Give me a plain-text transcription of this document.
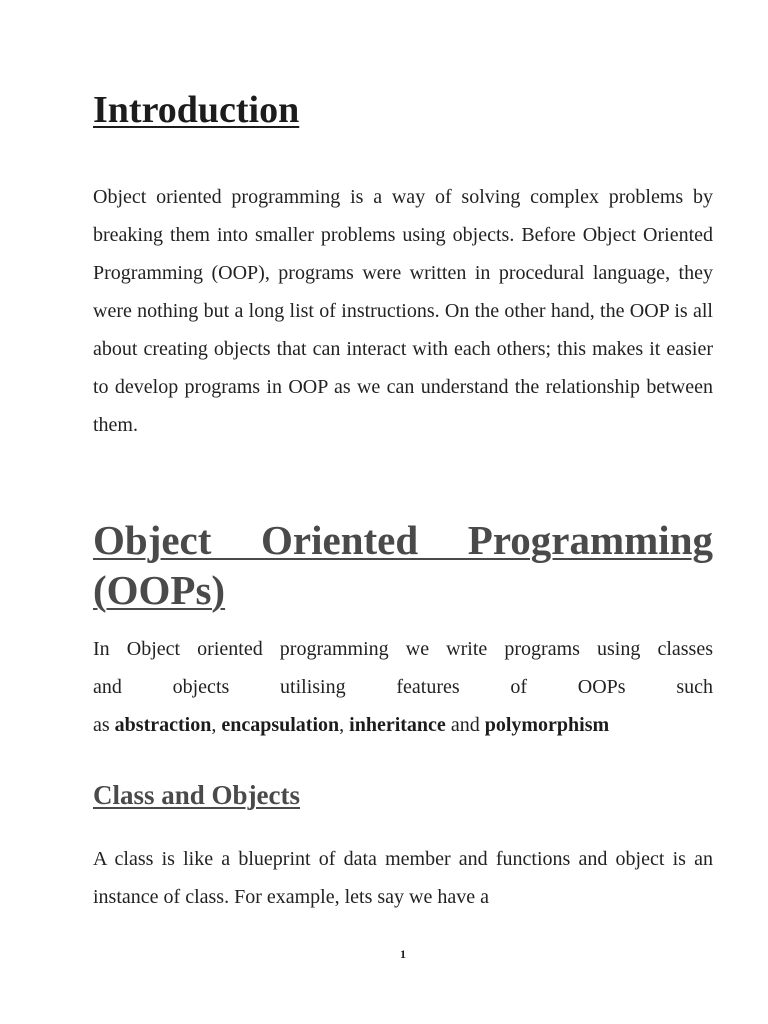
Introduction

Object oriented programming is a way of solving complex problems by breaking them into smaller problems using objects. Before Object Oriented Programming (OOP), programs were written in procedural language, they were nothing but a long list of instructions. On the other hand, the OOP is all about creating objects that can interact with each others; this makes it easier to develop programs in OOP as we can understand the relationship between them.

Object Oriented Programming (OOPs)

In Object oriented programming we write programs using classes
and objects utilising features of OOPs such
as abstraction, encapsulation, inheritance and polymorphism

Class and Objects

A class is like a blueprint of data member and functions and object is an instance of class. For example, lets say we have a

1
